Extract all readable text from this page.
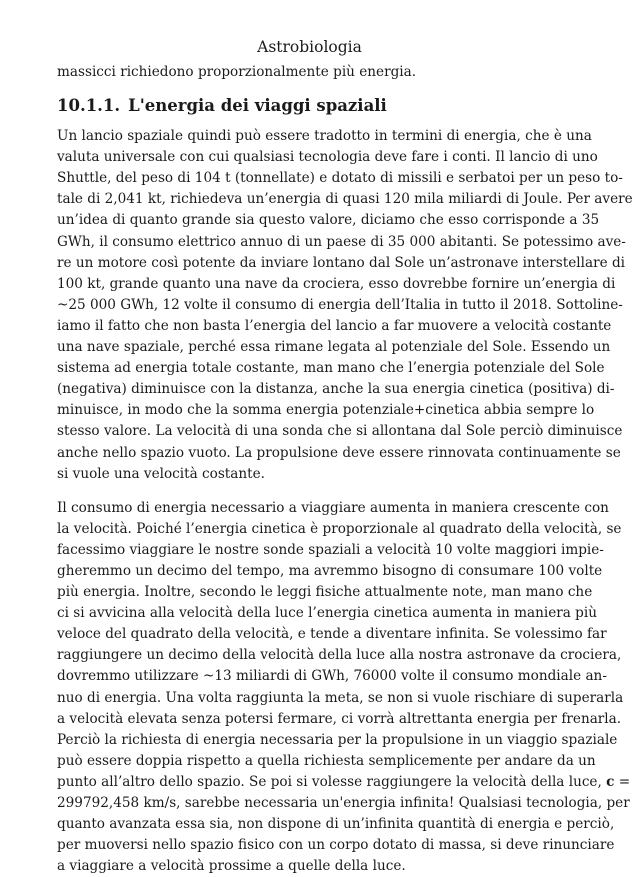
Astrobiologia
massicci richiedono proporzionalmente più energia.
10.1.1. L'energia dei viaggi spaziali
Un lancio spaziale quindi può essere tradotto in termini di energia, che è una
valuta universale con cui qualsiasi tecnologia deve fare i conti. Il lancio di uno
Shuttle, del peso di 104 t (tonnellate) e dotato di missili e serbatoi per un peso to-
tale di 2,041 kt, richiedeva un’energia di quasi 120 mila miliardi di Joule. Per avere
un’idea di quanto grande sia questo valore, diciamo che esso corrisponde a 35
GWh, il consumo elettrico annuo di un paese di 35 000 abitanti. Se potessimo ave-
re un motore così potente da inviare lontano dal Sole un’astronave interstellare di
100 kt, grande quanto una nave da crociera, esso dovrebbe fornire un’energia di
~25 000 GWh, 12 volte il consumo di energia dell’Italia in tutto il 2018. Sottoline-
iamo il fatto che non basta l’energia del lancio a far muovere a velocità costante
una nave spaziale, perché essa rimane legata al potenziale del Sole. Essendo un
sistema ad energia totale costante, man mano che l’energia potenziale del Sole
(negativa) diminuisce con la distanza, anche la sua energia cinetica (positiva) di-
minuisce, in modo che la somma energia potenziale+cinetica abbia sempre lo
stesso valore. La velocità di una sonda che si allontana dal Sole perciò diminuisce
anche nello spazio vuoto. La propulsione deve essere rinnovata continuamente se
si vuole una velocità costante.
Il consumo di energia necessario a viaggiare aumenta in maniera crescente con
la velocità. Poiché l’energia cinetica è proporzionale al quadrato della velocità, se
facessimo viaggiare le nostre sonde spaziali a velocità 10 volte maggiori impie-
gheremmo un decimo del tempo, ma avremmo bisogno di consumare 100 volte
più energia. Inoltre, secondo le leggi fisiche attualmente note, man mano che
ci si avvicina alla velocità della luce l’energia cinetica aumenta in maniera più
veloce del quadrato della velocità, e tende a diventare infinita. Se volessimo far
raggiungere un decimo della velocità della luce alla nostra astronave da crociera,
dovremmo utilizzare ~13 miliardi di GWh, 76000 volte il consumo mondiale an-
nuo di energia. Una volta raggiunta la meta, se non si vuole rischiare di superarla
a velocità elevata senza potersi fermare, ci vorrà altrettanta energia per frenarla.
Perciò la richiesta di energia necessaria per la propulsione in un viaggio spaziale
può essere doppia rispetto a quella richiesta semplicemente per andare da un
punto all’altro dello spazio. Se poi si volesse raggiungere la velocità della luce, c =
299792,458 km/s, sarebbe necessaria un'energia infinita! Qualsiasi tecnologia, per
quanto avanzata essa sia, non dispone di un’infinita quantità di energia e perciò,
per muoversi nello spazio fisico con un corpo dotato di massa, si deve rinunciare
a viaggiare a velocità prossime a quelle della luce.
